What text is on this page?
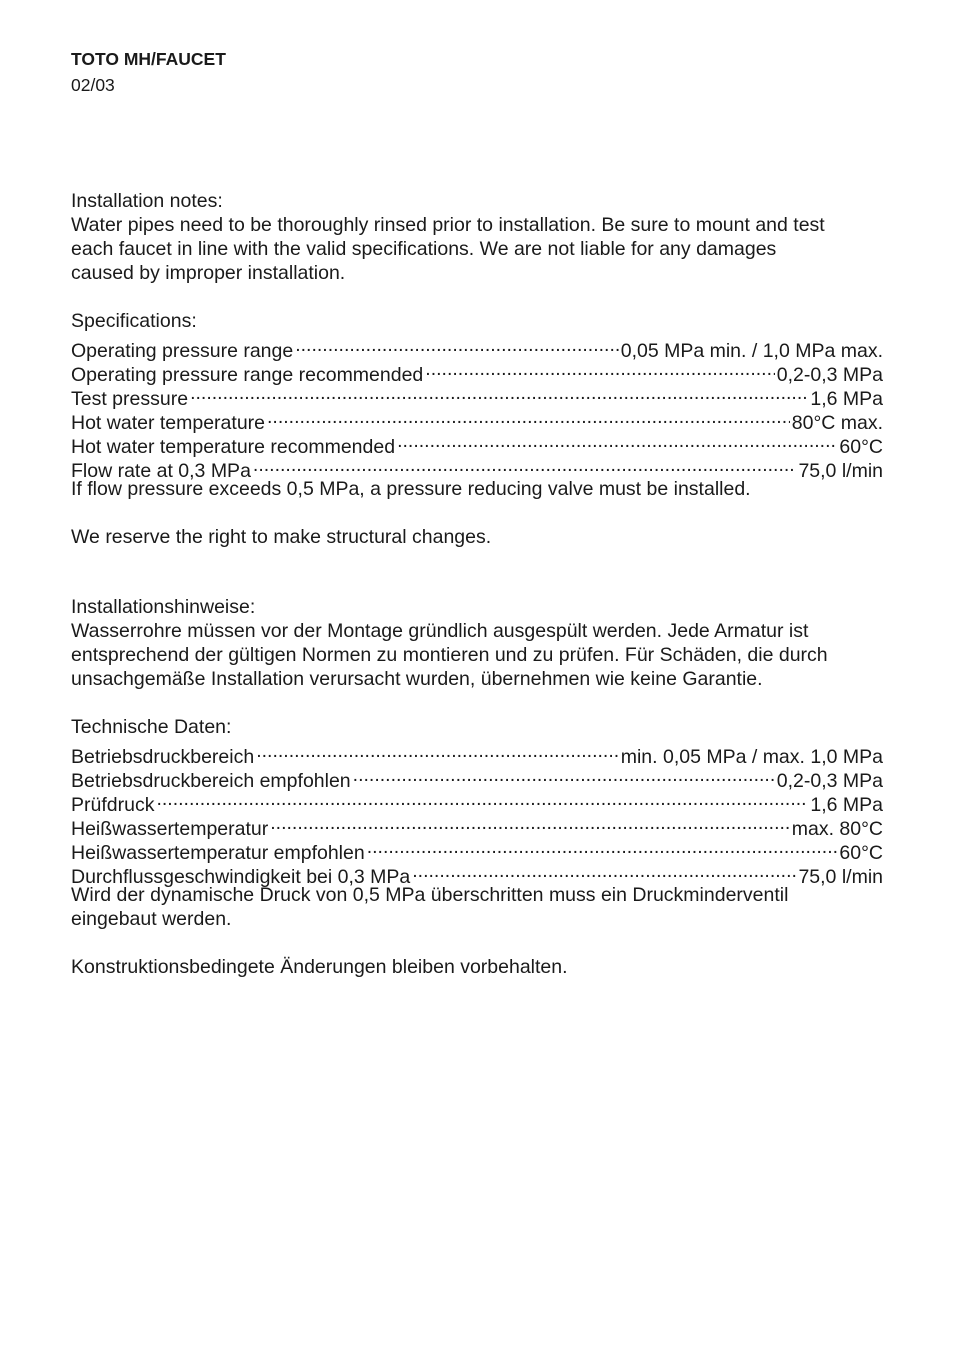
TOTO MH/FAUCET
02/03
Installation notes:
Water pipes need to be thoroughly rinsed prior to installation. Be sure to mount and test
each faucet in line with the valid specifications. We are not liable for any damages
caused by improper installation.
Specifications:
Operating pressure range .....	0,05 MPa min. / 1,0 MPa max.
Operating pressure range recommended .....	0,2-0,3 MPa
Test pressure .....	1,6 MPa
Hot water temperature .....	80°C max.
Hot water temperature recommended .....	60°C
Flow rate at 0,3 MPa .....	75,0 l/min
If flow pressure exceeds 0,5 MPa, a pressure reducing valve must be installed.
We reserve the right to make structural changes.
Installationshinweise:
Wasserrohre müssen vor der Montage gründlich ausgespült werden. Jede Armatur ist
entsprechend der gültigen Normen zu montieren und zu prüfen. Für Schäden, die durch
unsachgemäße Installation verursacht wurden, übernehmen wie keine Garantie.
Technische Daten:
Betriebsdruckbereich .....	min. 0,05 MPa / max. 1,0 MPa
Betriebsdruckbereich empfohlen .....	0,2-0,3 MPa
Prüfdruck .....	1,6 MPa
Heißwassertemperatur .....	max. 80°C
Heißwassertemperatur empfohlen .....	60°C
Durchflussgeschwindigkeit bei 0,3 MPa .....	75,0 l/min
Wird der dynamische Druck von 0,5 MPa überschritten muss ein Druckminderventil
eingebaut werden.
Konstruktionsbedingete Änderungen bleiben vorbehalten.
